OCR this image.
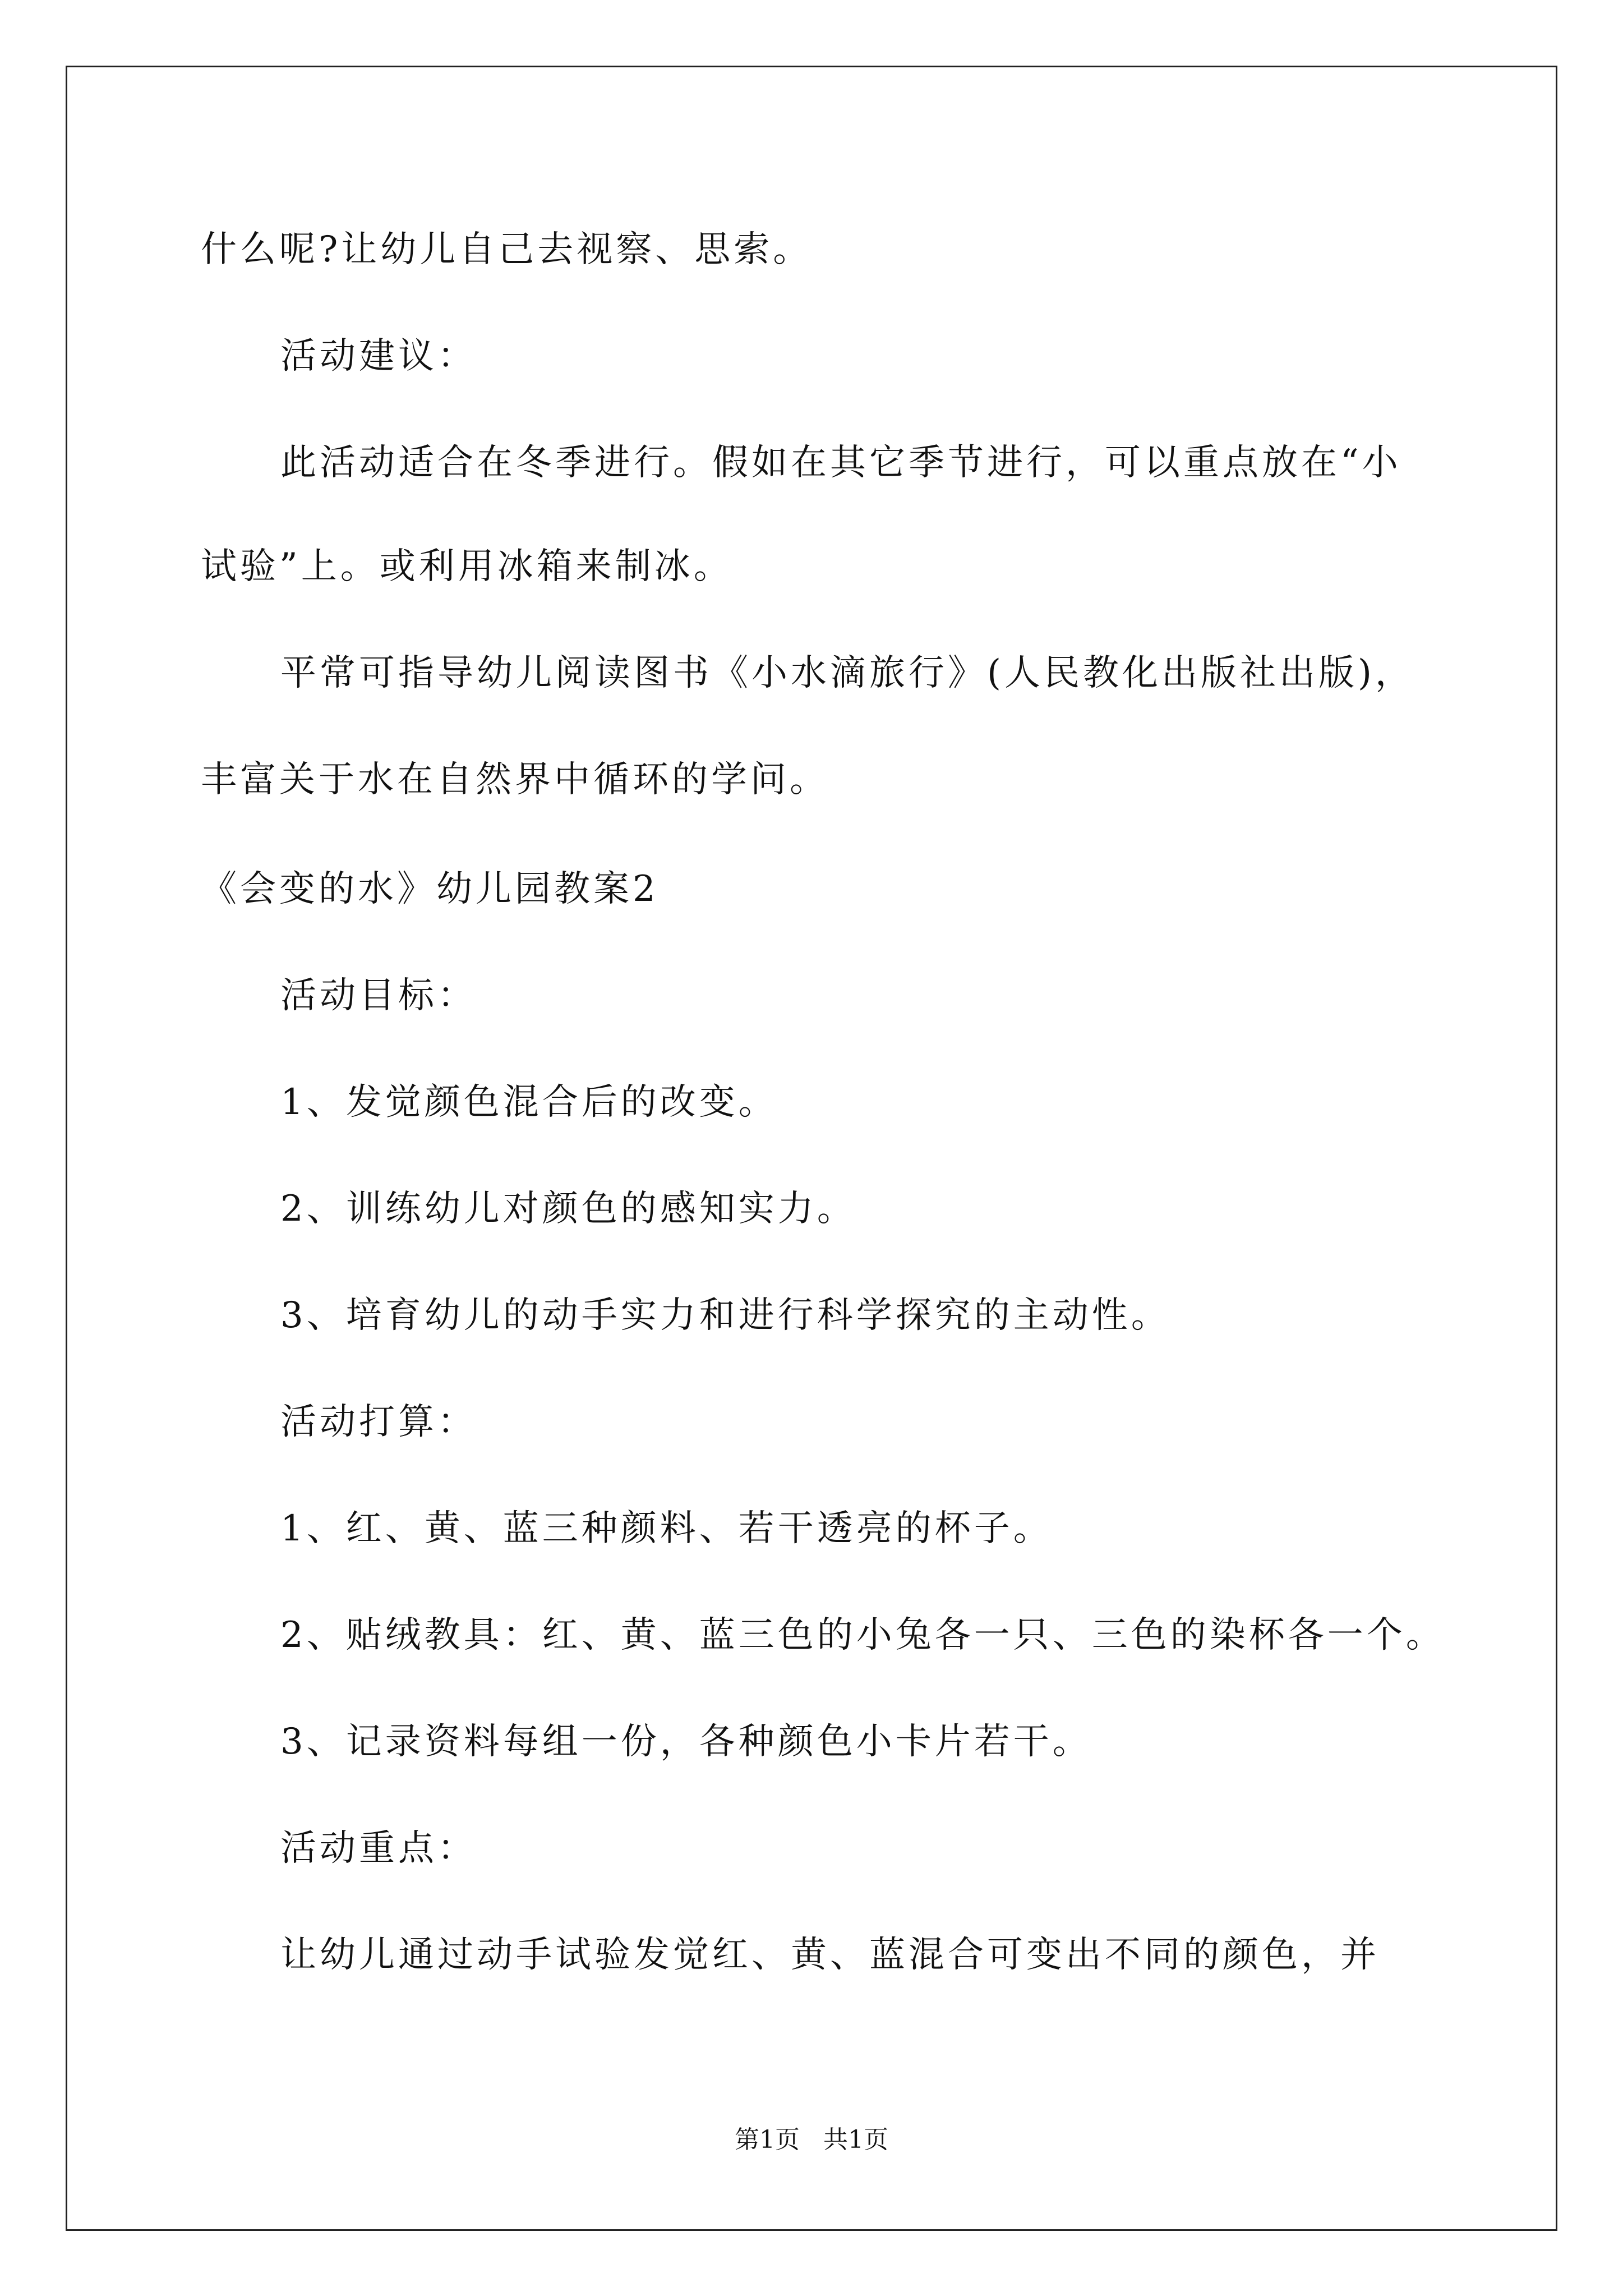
什么呢?让幼儿自己去视察、思索。

活动建议：

此活动适合在冬季进行。假如在其它季节进行，可以重点放在“小

试验”上。或利用冰箱来制冰。

平常可指导幼儿阅读图书《小水滴旅行》(人民教化出版社出版)，

丰富关于水在自然界中循环的学问。

《会变的水》幼儿园教案2

活动目标：

1、发觉颜色混合后的改变。

2、训练幼儿对颜色的感知实力。

3、培育幼儿的动手实力和进行科学探究的主动性。

活动打算：

1、红、黄、蓝三种颜料、若干透亮的杯子。

2、贴绒教具：红、黄、蓝三色的小兔各一只、三色的染杯各一个。

3、记录资料每组一份，各种颜色小卡片若干。

活动重点：

让幼儿通过动手试验发觉红、黄、蓝混合可变出不同的颜色，并

第1页 共1页
